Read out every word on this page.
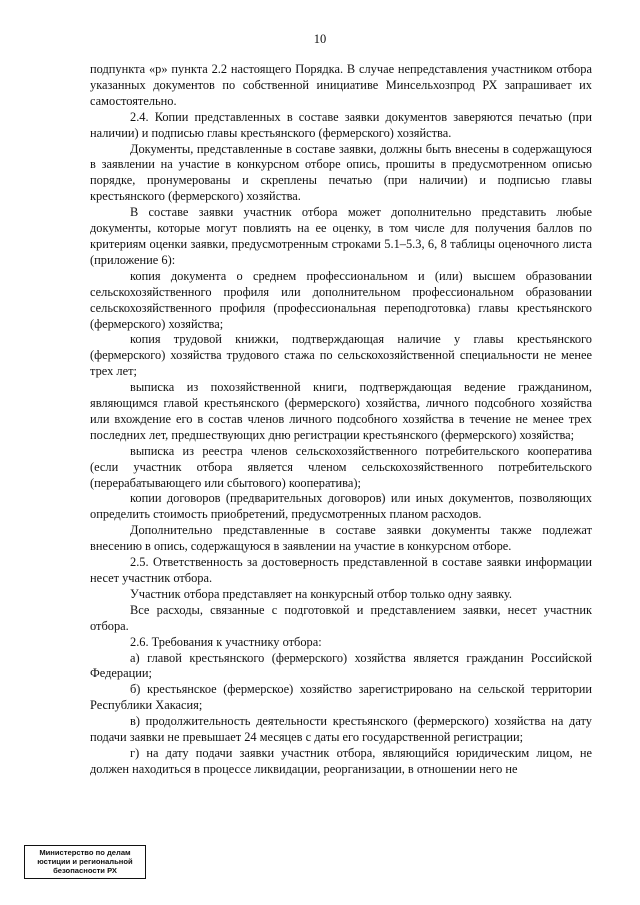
10

подпункта «р» пункта 2.2 настоящего Порядка. В случае непредставления участником отбора указанных документов по собственной инициативе Минсельхозпрод РХ запрашивает их самостоятельно.

2.4. Копии представленных в составе заявки документов заверяются печатью (при наличии) и подписью главы крестьянского (фермерского) хозяйства.

Документы, представленные в составе заявки, должны быть внесены в содержащуюся в заявлении на участие в конкурсном отборе опись, прошиты в предусмотренном описью порядке, пронумерованы и скреплены печатью (при наличии) и подписью главы крестьянского (фермерского) хозяйства.

В составе заявки участник отбора может дополнительно представить любые документы, которые могут повлиять на ее оценку, в том числе для получения баллов по критериям оценки заявки, предусмотренным строками 5.1–5.3, 6, 8 таблицы оценочного листа (приложение 6):

копия документа о среднем профессиональном и (или) высшем образовании сельскохозяйственного профиля или дополнительном профессиональном образовании сельскохозяйственного профиля (профессиональная переподготовка) главы крестьянского (фермерского) хозяйства;

копия трудовой книжки, подтверждающая наличие у главы крестьянского (фермерского) хозяйства трудового стажа по сельскохозяйственной специальности не менее трех лет;

выписка из похозяйственной книги, подтверждающая ведение гражданином, являющимся главой крестьянского (фермерского) хозяйства, личного подсобного хозяйства или вхождение его в состав членов личного подсобного хозяйства в течение не менее трех последних лет, предшествующих дню регистрации крестьянского (фермерского) хозяйства;

выписка из реестра членов сельскохозяйственного потребительского кооператива (если участник отбора является членом сельскохозяйственного потребительского (перерабатывающего или сбытового) кооператива);

копии договоров (предварительных договоров) или иных документов, позволяющих определить стоимость приобретений, предусмотренных планом расходов.

Дополнительно представленные в составе заявки документы также подлежат внесению в опись, содержащуюся в заявлении на участие в конкурсном отборе.

2.5. Ответственность за достоверность представленной в составе заявки информации несет участник отбора.

Участник отбора представляет на конкурсный отбор только одну заявку.

Все расходы, связанные с подготовкой и представлением заявки, несет участник отбора.

2.6. Требования к участнику отбора:

а) главой крестьянского (фермерского) хозяйства является гражданин Российской Федерации;

б) крестьянское (фермерское) хозяйство зарегистрировано на сельской территории Республики Хакасия;

в) продолжительность деятельности крестьянского (фермерского) хозяйства на дату подачи заявки не превышает 24 месяцев с даты его государственной регистрации;

г) на дату подачи заявки участник отбора, являющийся юридическим лицом, не должен находиться в процессе ликвидации, реорганизации, в отношении него не

Министерство по делам
юстиции и региональной
безопасности РХ
